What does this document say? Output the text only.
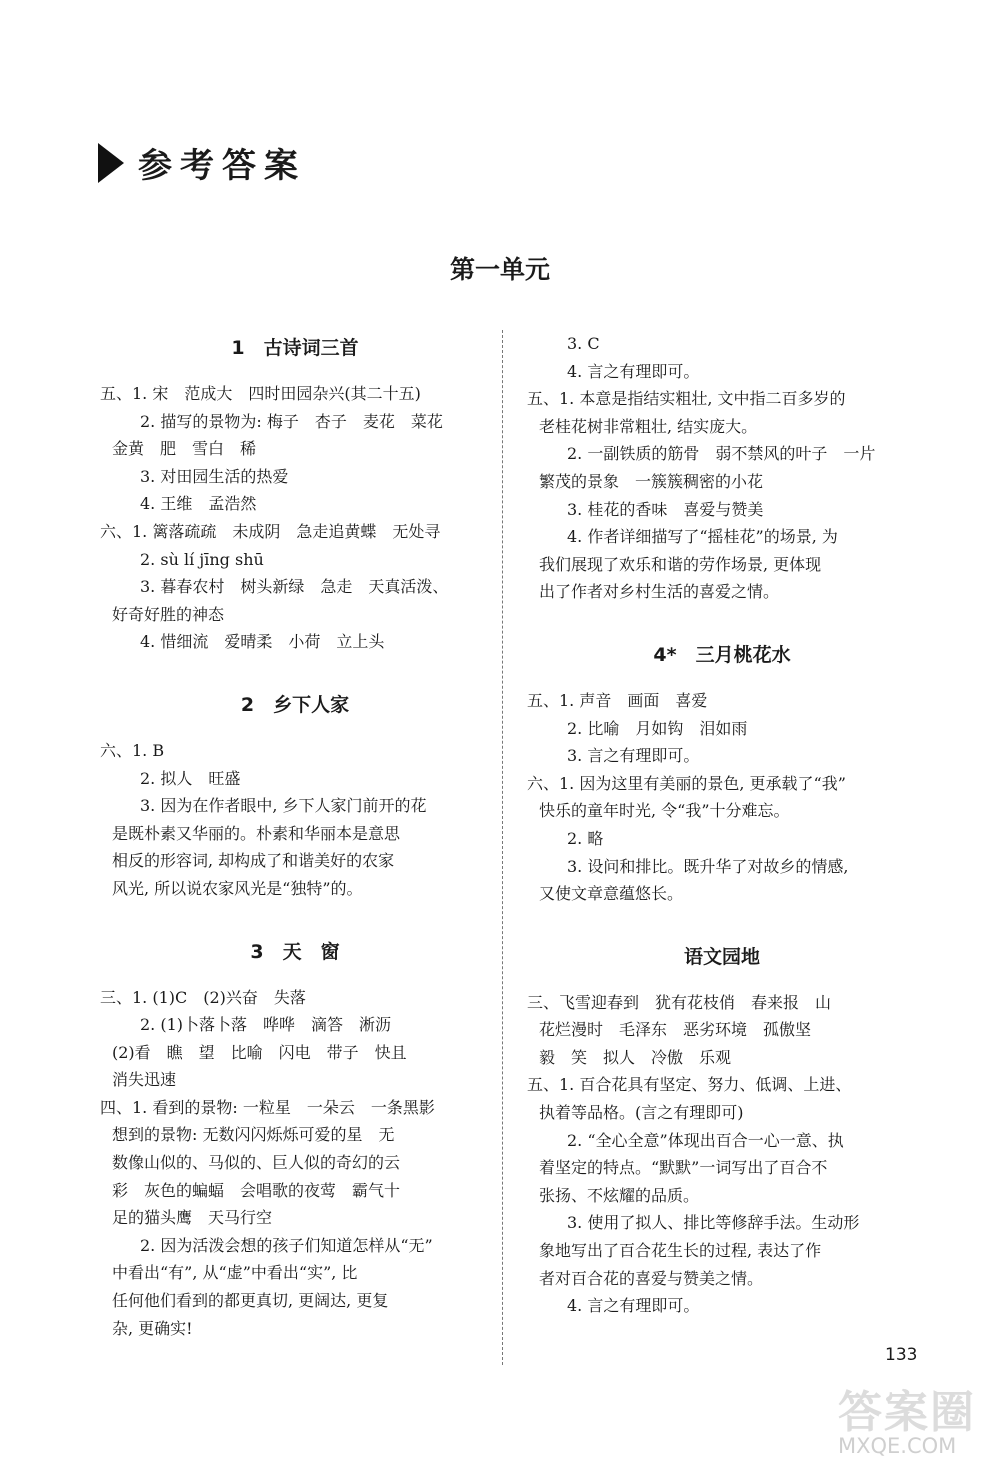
参考答案
第一单元
1　古诗词三首
五、1. 宋　范成大　四时田园杂兴(其二十五)
2. 描写的景物为: 梅子　杏子　麦花　菜花
金黄　肥　雪白　稀
3. 对田园生活的热爱
4. 王维　孟浩然
六、1. 篱落疏疏　未成阴　急走追黄蝶　无处寻
2. sù lí jīng shū
3. 暮春农村　树头新绿　急走　天真活泼、
好奇好胜的神态
4. 惜细流　爱晴柔　小荷　立上头
2　乡下人家
六、1. B
2. 拟人　旺盛
3. 因为在作者眼中, 乡下人家门前开的花
是既朴素又华丽的。朴素和华丽本是意思
相反的形容词, 却构成了和谐美好的农家
风光, 所以说农家风光是“独特”的。
3　天　窗
三、1. (1)C　(2)兴奋　失落
2. (1)卜落卜落　哗哗　滴答　淅沥
(2)看　瞧　望　比喻　闪电　带子　快且
消失迅速
四、1. 看到的景物: 一粒星　一朵云　一条黑影
想到的景物: 无数闪闪烁烁可爱的星　无
数像山似的、马似的、巨人似的奇幻的云
彩　灰色的蝙蝠　会唱歌的夜莺　霸气十
足的猫头鹰　天马行空
2. 因为活泼会想的孩子们知道怎样从“无”
中看出“有”, 从“虚”中看出“实”, 比
任何他们看到的都更真切, 更阔达, 更复
杂, 更确实!
3. C
4. 言之有理即可。
五、1. 本意是指结实粗壮, 文中指二百多岁的
老桂花树非常粗壮, 结实庞大。
2. 一副铁质的筋骨　弱不禁风的叶子　一片
繁茂的景象　一簇簇稠密的小花
3. 桂花的香味　喜爱与赞美
4. 作者详细描写了“摇桂花”的场景, 为
我们展现了欢乐和谐的劳作场景, 更体现
出了作者对乡村生活的喜爱之情。
4*　三月桃花水
五、1. 声音　画面　喜爱
2. 比喻　月如钩　泪如雨
3. 言之有理即可。
六、1. 因为这里有美丽的景色, 更承载了“我”
快乐的童年时光, 令“我”十分难忘。
2. 略
3. 设问和排比。既升华了对故乡的情感,
又使文章意蕴悠长。
语文园地
三、飞雪迎春到　犹有花枝俏　春来报　山
花烂漫时　毛泽东　恶劣环境　孤傲坚
毅　笑　拟人　冷傲　乐观
五、1. 百合花具有坚定、努力、低调、上进、
执着等品格。(言之有理即可)
2. “全心全意”体现出百合一心一意、执
着坚定的特点。“默默”一词写出了百合不
张扬、不炫耀的品质。
3. 使用了拟人、排比等修辞手法。生动形
象地写出了百合花生长的过程, 表达了作
者对百合花的喜爱与赞美之情。
4. 言之有理即可。
133
答案圈
MXQE.COM
